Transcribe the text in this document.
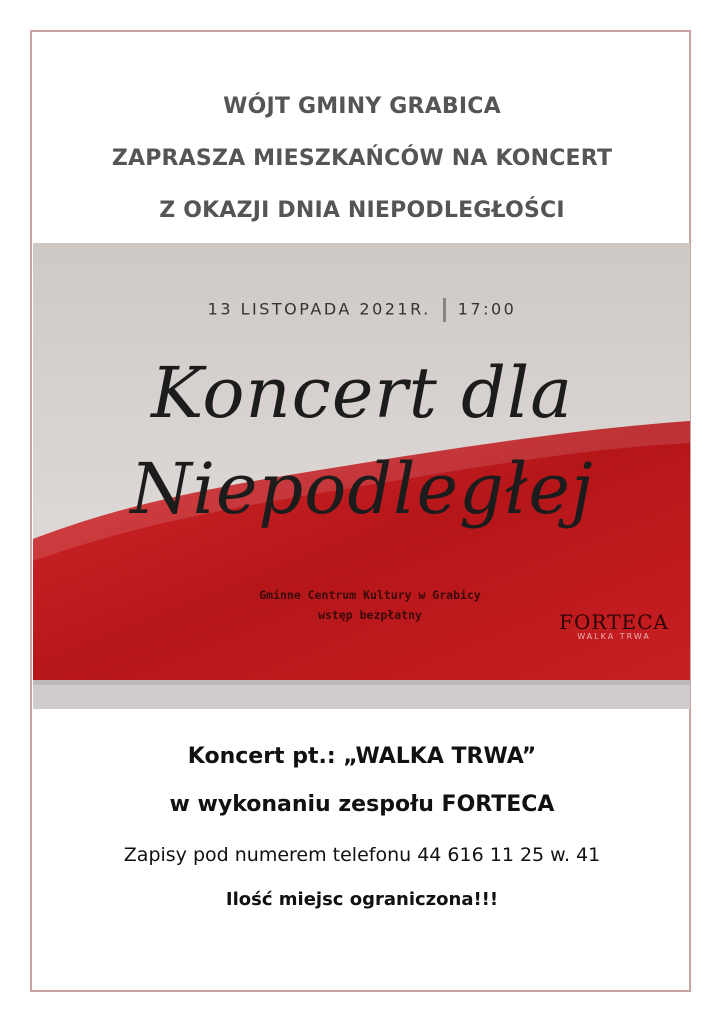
WÓJT GMINY GRABICA
ZAPRASZA MIESZKAŃCÓW NA KONCERT
Z OKAZJI DNIA NIEPODLEGŁOŚCI
13 LISTOPADA 2021R. 17:00
Koncert dla
Niepodległej
Gminne Centrum Kultury w Grabicy
wstęp bezpłatny	FORTECA
WALKA TRWA
Koncert pt.: „WALKA TRWA”
w wykonaniu zespołu FORTECA
Zapisy pod numerem telefonu 44 616 11 25 w. 41
Ilość miejsc ograniczona!!!
